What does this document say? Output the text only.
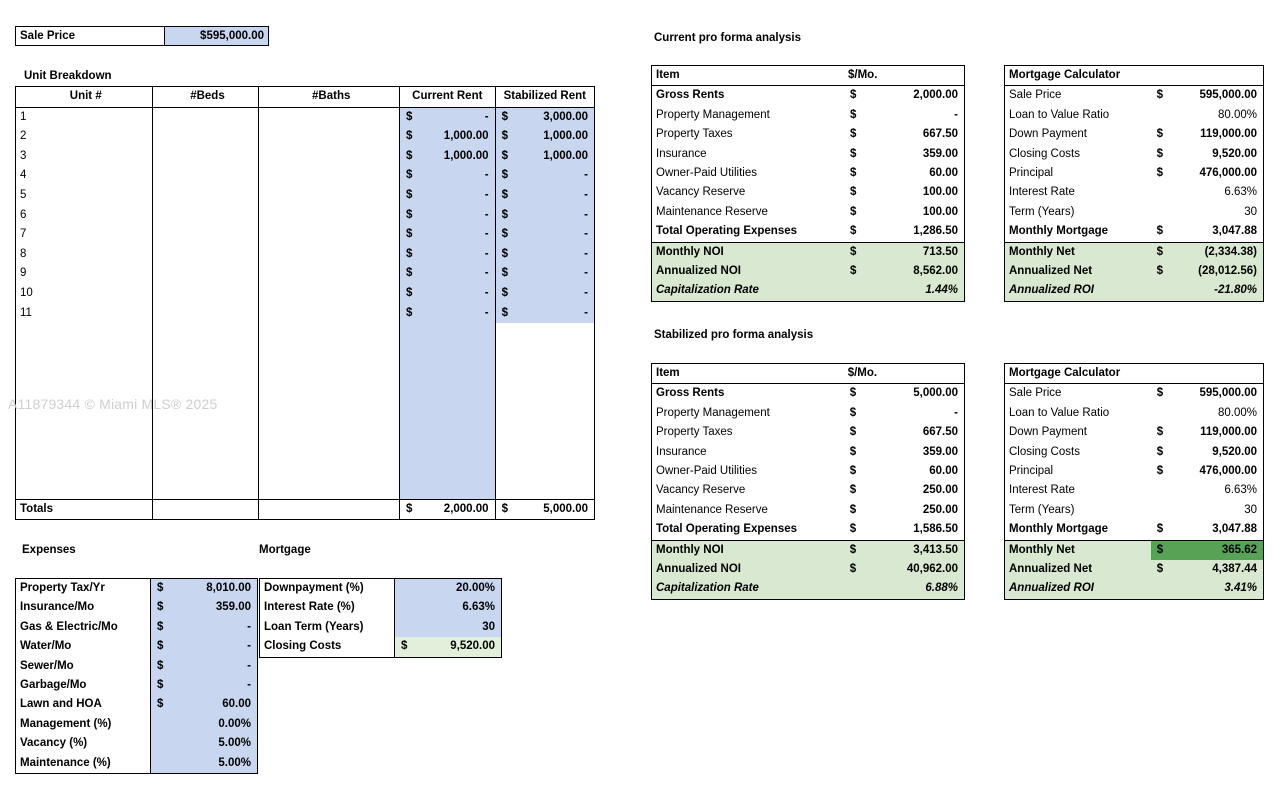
Sale Price	$595,000.00
Unit Breakdown
Unit #	#Beds	#Baths	Current Rent	Stabilized Rent
1			$ -	$ 3,000.00

2			$ 1,000.00	$ 1,000.00

3			$ 1,000.00	$ 1,000.00

4			$ -	$ -

5			$ -	$ -

6			$ -	$ -

7			$ -	$ -

8			$ -	$ -

9			$ -	$ -

10			$ -	$ -

11			$ -	$ -

Totals			$ 2,000.00	$ 5,000.00
A11879344 © Miami MLS® 2025
Expenses
Property Tax/Yr	$ 8,010.00

Insurance/Mo	$ 359.00

Gas & Electric/Mo	$ -

Water/Mo	$ -

Sewer/Mo	$ -

Garbage/Mo	$ -

Lawn and HOA	$ 60.00

Management (%)	0.00%
Vacancy (%)	5.00%
Maintenance (%)	5.00%
Mortgage
Downpayment (%)	20.00%
Interest Rate (%)	6.63%
Loan Term (Years)	30
Closing Costs	$ 9,520.00
Current pro forma analysis
Item	$/Mo.
Gross Rents	$ 2,000.00

Property Management	$ -

Property Taxes	$ 667.50

Insurance	$ 359.00

Owner-Paid Utilities	$ 60.00

Vacancy Reserve	$ 100.00

Maintenance Reserve	$ 100.00

Total Operating Expenses	$ 1,286.50

Monthly NOI	$ 713.50

Annualized NOI	$ 8,562.00

Capitalization Rate	1.44%
Mortgage Calculator	
Sale Price	$ 595,000.00

Loan to Value Ratio	80.00%
Down Payment	$ 119,000.00

Closing Costs	$ 9,520.00

Principal	$ 476,000.00

Interest Rate	6.63%
Term (Years)	30
Monthly Mortgage	$ 3,047.88

Monthly Net	$ (2,334.38)

Annualized Net	$ (28,012.56)

Annualized ROI	-21.80%
Stabilized pro forma analysis
Item	$/Mo.
Gross Rents	$ 5,000.00

Property Management	$ -

Property Taxes	$ 667.50

Insurance	$ 359.00

Owner-Paid Utilities	$ 60.00

Vacancy Reserve	$ 250.00

Maintenance Reserve	$ 250.00

Total Operating Expenses	$ 1,586.50

Monthly NOI	$ 3,413.50

Annualized NOI	$ 40,962.00

Capitalization Rate	6.88%
Mortgage Calculator	
Sale Price	$ 595,000.00

Loan to Value Ratio	80.00%
Down Payment	$ 119,000.00

Closing Costs	$ 9,520.00

Principal	$ 476,000.00

Interest Rate	6.63%
Term (Years)	30
Monthly Mortgage	$ 3,047.88

Monthly Net	$ 365.62

Annualized Net	$ 4,387.44

Annualized ROI	3.41%
